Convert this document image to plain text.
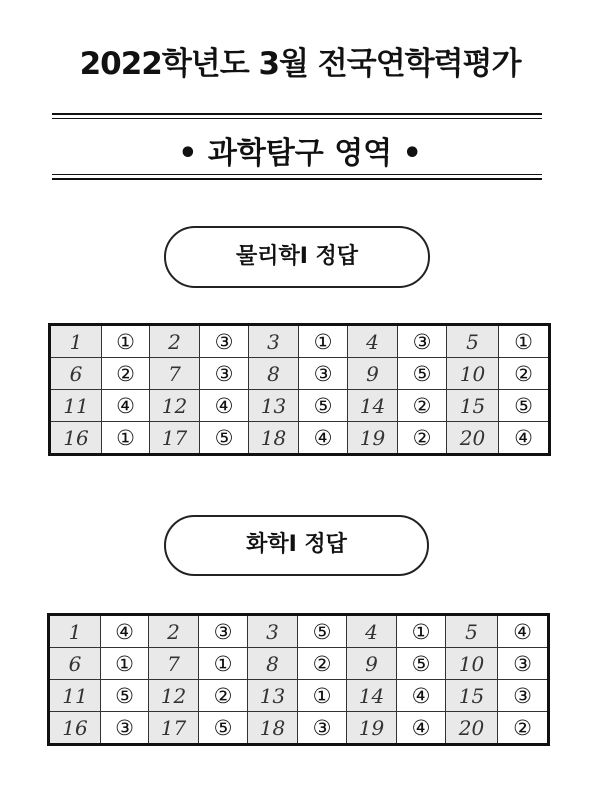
2022학년도 3월 전국연학력평가
• 과학탐구 영역 •
물리학Ⅰ 정답
1	①	2	③	3	①	4	③	5	①
6	②	7	③	8	③	9	⑤	10	②
11	④	12	④	13	⑤	14	②	15	⑤
16	①	17	⑤	18	④	19	②	20	④
화학Ⅰ 정답
1	④	2	③	3	⑤	4	①	5	④
6	①	7	①	8	②	9	⑤	10	③
11	⑤	12	②	13	①	14	④	15	③
16	③	17	⑤	18	③	19	④	20	②
